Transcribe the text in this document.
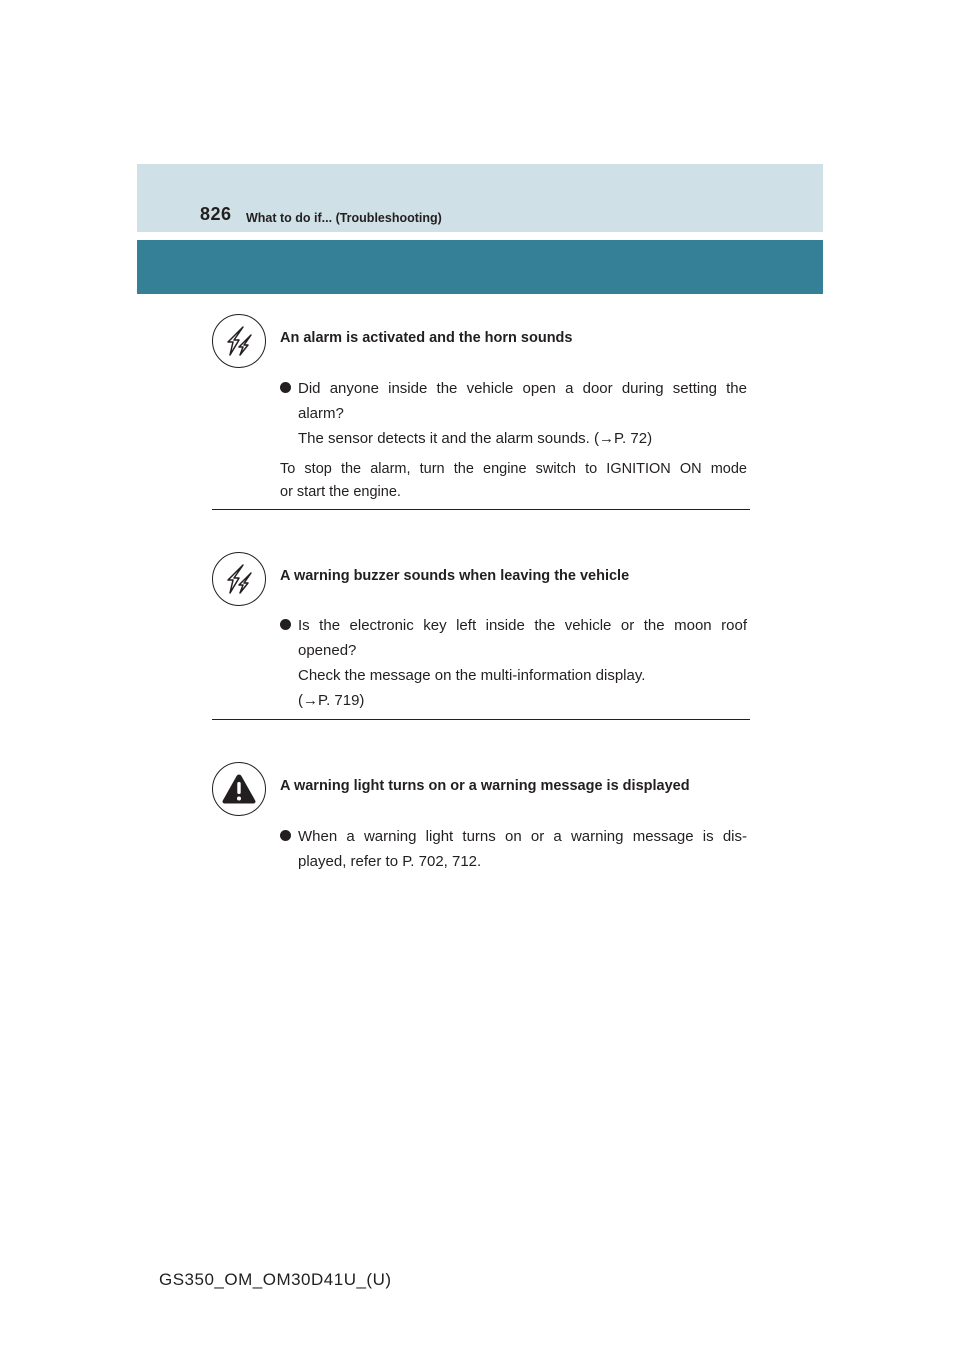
826 What to do if... (Troubleshooting)
An alarm is activated and the horn sounds
Did anyone inside the vehicle open a door during setting the
alarm?
The sensor detects it and the alarm sounds. (→P. 72)
To stop the alarm, turn the engine switch to IGNITION ON mode
or start the engine.
A warning buzzer sounds when leaving the vehicle
Is the electronic key left inside the vehicle or the moon roof
opened?
Check the message on the multi-information display.
(→P. 719)
A warning light turns on or a warning message is displayed
When a warning light turns on or a warning message is dis-
played, refer to P. 702, 712.
GS350_OM_OM30D41U_(U)
